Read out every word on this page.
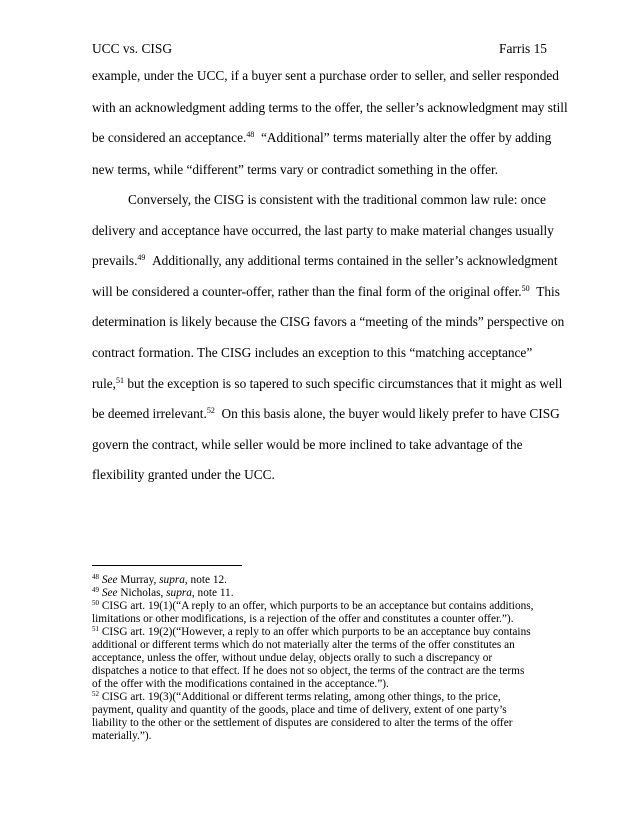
UCC vs. CISG	Farris 15
example, under the UCC, if a buyer sent a purchase order to seller, and seller responded
with an acknowledgment adding terms to the offer, the seller’s acknowledgment may still
be considered an acceptance.$^{48}$ “Additional” terms materially alter the offer by adding
new terms, while “different” terms vary or contradict something in the offer.
Conversely, the CISG is consistent with the traditional common law rule: once
delivery and acceptance have occurred, the last party to make material changes usually
prevails.$^{49}$ Additionally, any additional terms contained in the seller’s acknowledgment
will be considered a counter-offer, rather than the final form of the original offer.$^{50}$ This
determination is likely because the CISG favors a “meeting of the minds” perspective on
contract formation. The CISG includes an exception to this “matching acceptance”
rule,$^{51}$ but the exception is so tapered to such specific circumstances that it might as well
be deemed irrelevant.$^{52}$ On this basis alone, the buyer would likely prefer to have CISG
govern the contract, while seller would be more inclined to take advantage of the
flexibility granted under the UCC.
$^{48}$ See Murray, supra, note 12.
$^{49}$ See Nicholas, supra, note 11.
$^{50}$ CISG art. 19(1)(“A reply to an offer, which purports to be an acceptance but contains additions,
limitations or other modifications, is a rejection of the offer and constitutes a counter offer.”).
$^{51}$ CISG art. 19(2)(“However, a reply to an offer which purports to be an acceptance buy contains
additional or different terms which do not materially alter the terms of the offer constitutes an
acceptance, unless the offer, without undue delay, objects orally to such a discrepancy or
dispatches a notice to that effect. If he does not so object, the terms of the contract are the terms
of the offer with the modifications contained in the acceptance.”).
$^{52}$ CISG art. 19(3)(“Additional or different terms relating, among other things, to the price,
payment, quality and quantity of the goods, place and time of delivery, extent of one party’s
liability to the other or the settlement of disputes are considered to alter the terms of the offer
materially.”).
